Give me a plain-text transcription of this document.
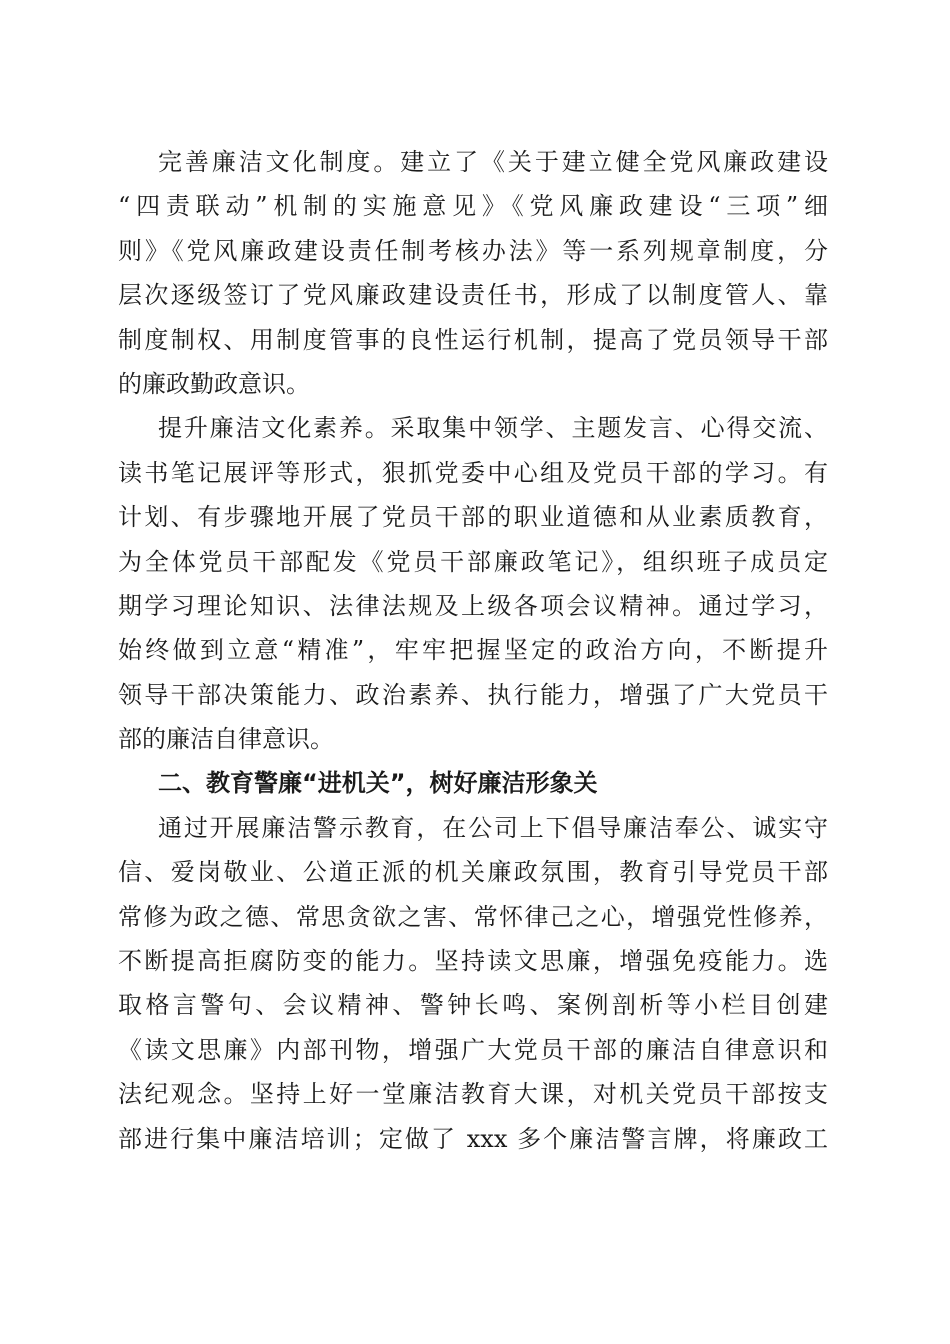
完善廉洁文化制度。建立了《关于建立健全党风廉政建设
“四责联动”机制的实施意见》《党风廉政建设“三项”细
则》《党风廉政建设责任制考核办法》等一系列规章制度，分
层次逐级签订了党风廉政建设责任书，形成了以制度管人、靠
制度制权、用制度管事的良性运行机制，提高了党员领导干部
的廉政勤政意识。
提升廉洁文化素养。采取集中领学、主题发言、心得交流、
读书笔记展评等形式，狠抓党委中心组及党员干部的学习。有
计划、有步骤地开展了党员干部的职业道德和从业素质教育，
为全体党员干部配发《党员干部廉政笔记》，组织班子成员定
期学习理论知识、法律法规及上级各项会议精神。通过学习，
始终做到立意“精准”，牢牢把握坚定的政治方向，不断提升
领导干部决策能力、政治素养、执行能力，增强了广大党员干
部的廉洁自律意识。
二、教育警廉“进机关”，树好廉洁形象关
通过开展廉洁警示教育，在公司上下倡导廉洁奉公、诚实守
信、爱岗敬业、公道正派的机关廉政氛围，教育引导党员干部
常修为政之德、常思贪欲之害、常怀律己之心，增强党性修养，
不断提高拒腐防变的能力。坚持读文思廉，增强免疫能力。选
取格言警句、会议精神、警钟长鸣、案例剖析等小栏目创建
《读文思廉》内部刊物，增强广大党员干部的廉洁自律意识和
法纪观念。坚持上好一堂廉洁教育大课，对机关党员干部按支
部进行集中廉洁培训；定做了 xxx 多个廉洁警言牌，将廉政工
